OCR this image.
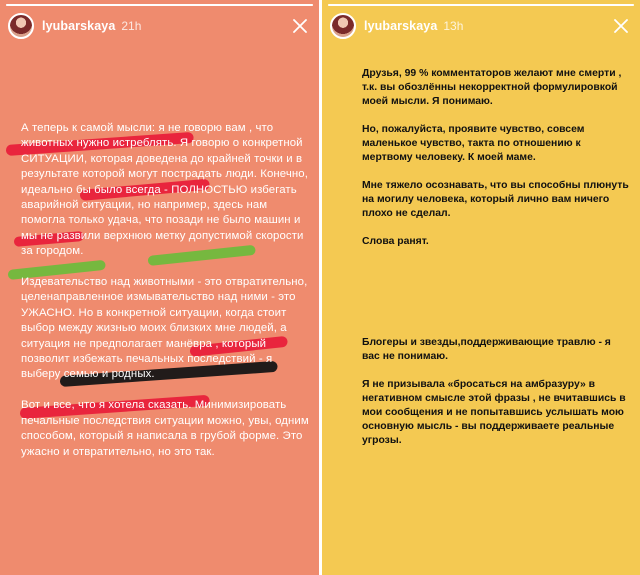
lyubarskaya 21h

А теперь к самой мысли: я не говорю вам , что животных нужно истреблять. Я говорю о конкретной СИТУАЦИИ, которая доведена до крайней точки и в результате которой могут пострадать люди. Конечно, идеально бы было всегда - ПОЛНОСТЬЮ избегать аварийной ситуации, но например, здесь нам помогла только удача, что позади не было машин и мы не развили верхнюю метку допустимой скорости за городом.

Издевательство над животными - это отвратительно, целенаправленное измывательство над ними - это УЖАСНО. Но в конкретной ситуации, когда стоит выбор между жизнью моих близких мне людей, а ситуация не предполагает манёвра , который позволит избежать печальных последствий - я выберу семью и родных.

Вот и все, что я хотела сказать. Минимизировать печальные последствия ситуации можно, увы, одним способом, который я написала в грубой форме. Это ужасно и отвратительно, но это так.

lyubarskaya 13h

Друзья, 99 % комментаторов желают мне смерти , т.к. вы обозлённы некорректной формулировкой моей мысли. Я понимаю.

Но, пожалуйста, проявите чувство, совсем маленькое чувство, такта по отношению к мертвому человеку. К моей маме.

Мне тяжело осознавать, что вы способны плюнуть на могилу человека, который лично вам ничего плохо не сделал.

Слова ранят.

Блогеры и звезды,поддерживающие травлю - я вас не понимаю.

Я не призывала «бросаться на амбразуру» в негативном смысле этой фразы , не вчитавшись в мои сообщения и не попытавшись услышать мою основную мысль - вы поддерживаете реальные угрозы.
